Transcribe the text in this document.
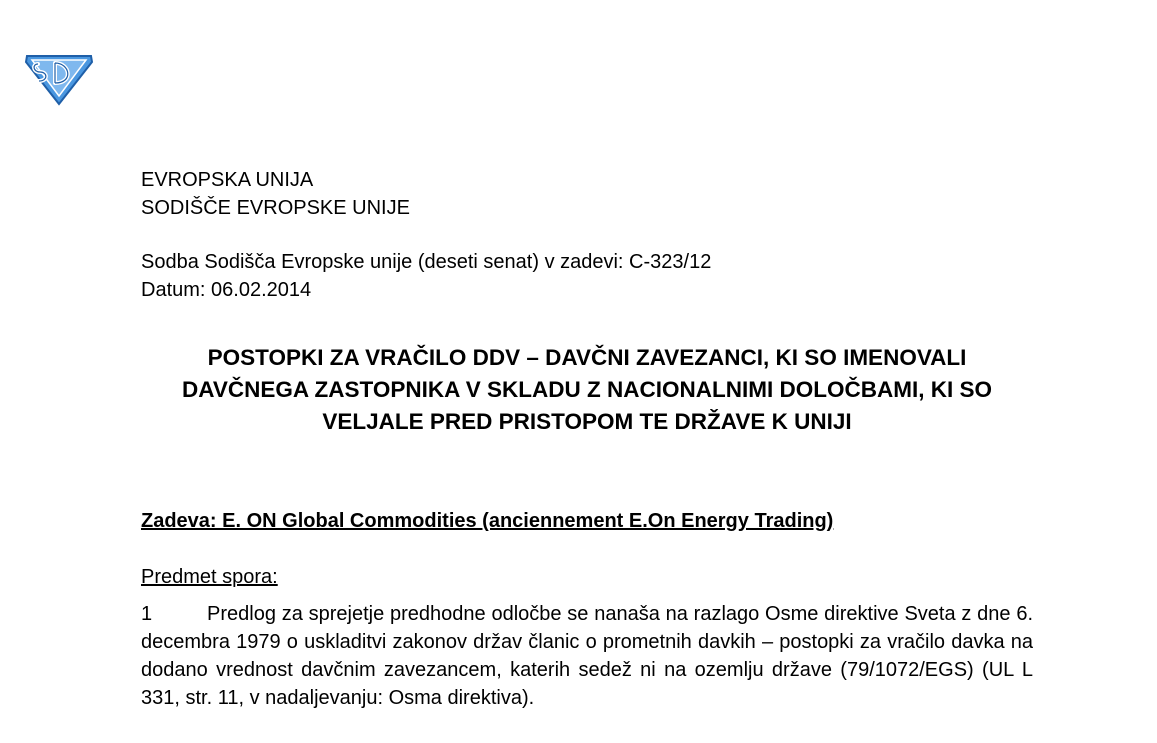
EVROPSKA UNIJA
SODIŠČE EVROPSKE UNIJE
Sodba Sodišča Evropske unije (deseti senat) v zadevi: C-323/12
Datum: 06.02.2014
POSTOPKI ZA VRAČILO DDV – DAVČNI ZAVEZANCI, KI SO IMENOVALI DAVČNEGA ZASTOPNIKA V SKLADU Z NACIONALNIMI DOLOČBAMI, KI SO VELJALE PRED PRISTOPOM TE DRŽAVE K UNIJI
Zadeva: E. ON Global Commodities (anciennement E.On Energy Trading)
Predmet spora:
1	Predlog za sprejetje predhodne odločbe se nanaša na razlago Osme direktive Sveta z dne 6. decembra 1979 o uskladitvi zakonov držav članic o prometnih davkih – postopki za vračilo davka na dodano vrednost davčnim zavezancem, katerih sedež ni na ozemlju države (79/1072/EGS) (UL L 331, str. 11, v nadaljevanju: Osma direktiva).
